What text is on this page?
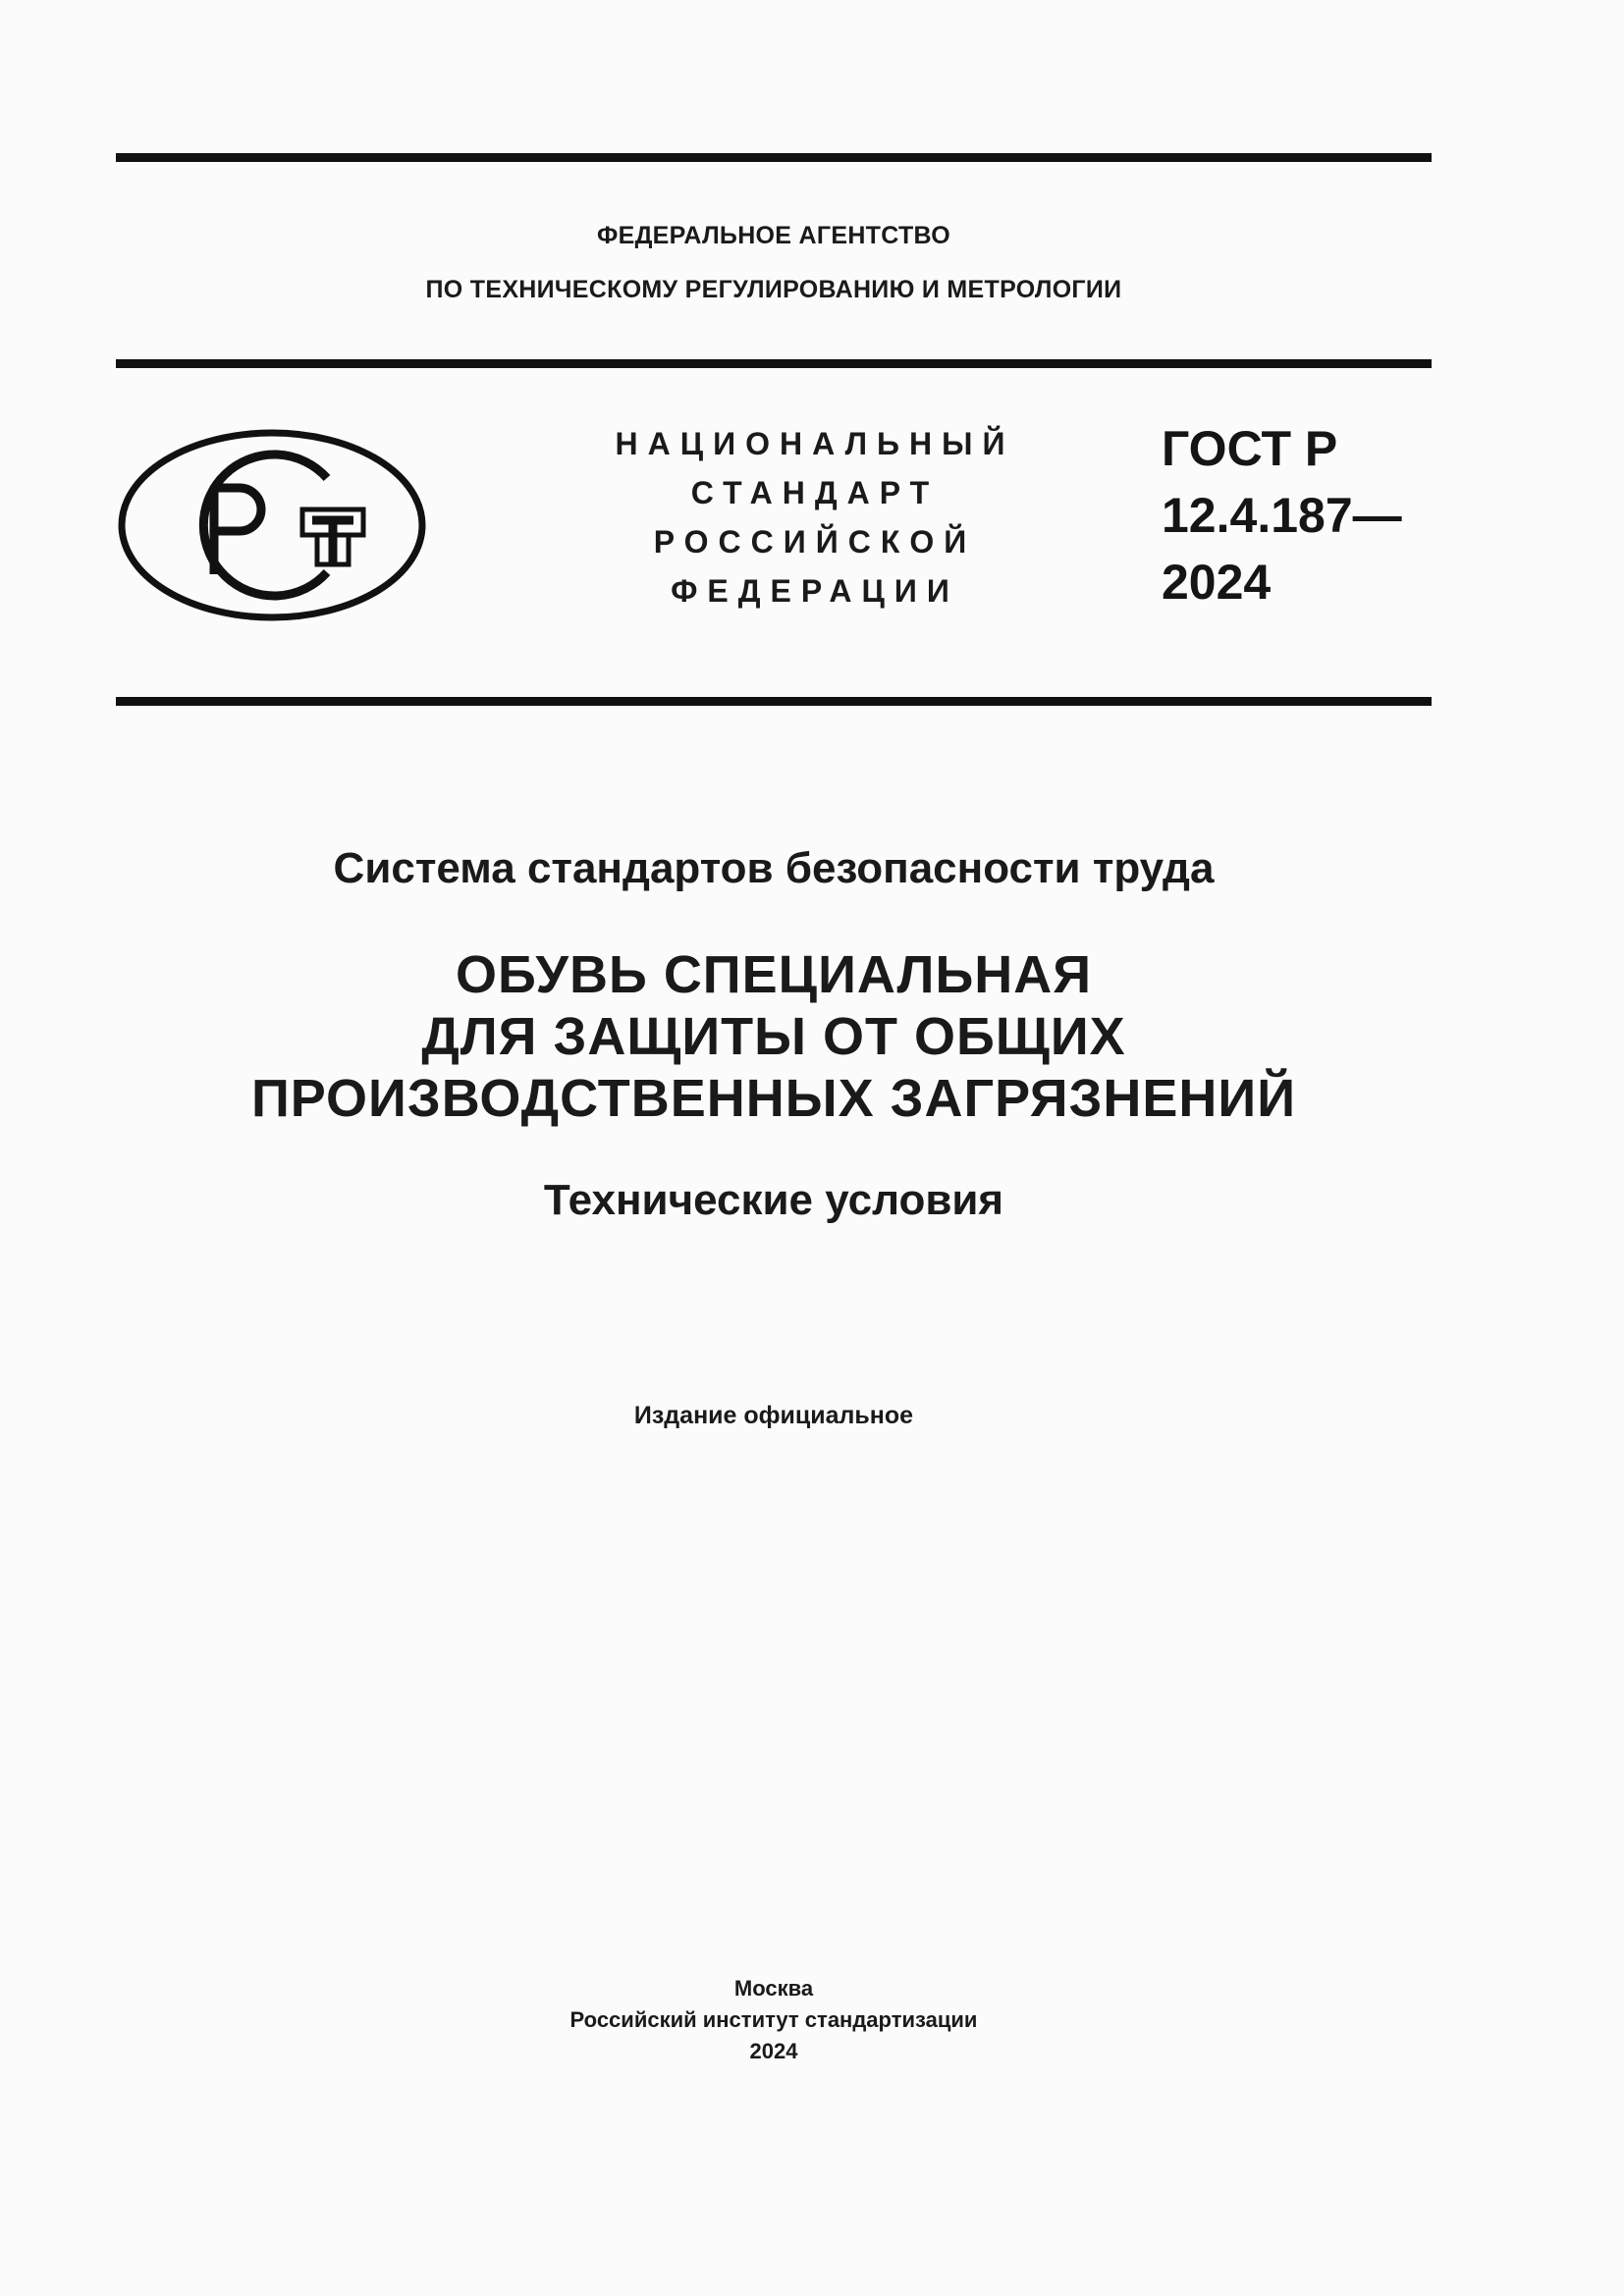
ФЕДЕРАЛЬНОЕ АГЕНТСТВО
ПО ТЕХНИЧЕСКОМУ РЕГУЛИРОВАНИЮ И МЕТРОЛОГИИ
НАЦИОНАЛЬНЫЙ
СТАНДАРТ
РОССИЙСКОЙ
ФЕДЕРАЦИИ
ГОСТ Р
12.4.187—
2024
Система стандартов безопасности труда
ОБУВЬ СПЕЦИАЛЬНАЯ
ДЛЯ ЗАЩИТЫ ОТ ОБЩИХ
ПРОИЗВОДСТВЕННЫХ ЗАГРЯЗНЕНИЙ
Технические условия
Издание официальное
Москва
Российский институт стандартизации
2024
